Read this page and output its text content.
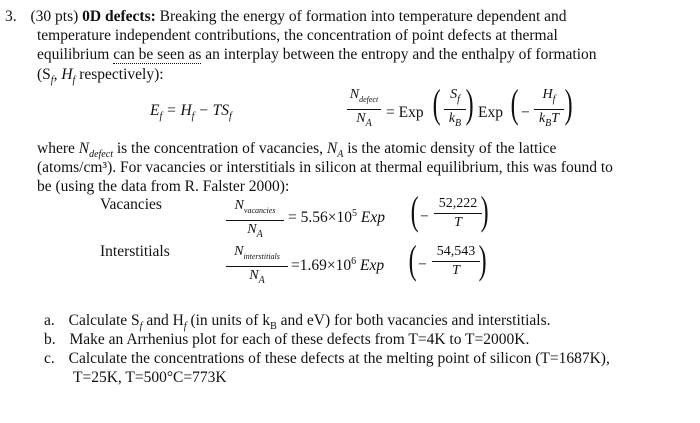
3. (30 pts) 0D defects: Breaking the energy of formation into temperature dependent and
temperature independent contributions, the concentration of point defects at thermal
equilibrium can be seen as an interplay between the entropy and the enthalpy of formation
($S_f$, $H_f$ respectively):
$E_f = H_f - TS_f$
$N_{defect}$
$N_A$
= Exp ( $S_f$
$k_B$ ) Exp ( −
$H_f$
$k_BT$ )
where $N_{defect}$ is the concentration of vacancies, $N_A$ is the atomic density of the lattice
(atoms/cm³). For vacancies or interstitials in silicon at thermal equilibrium, this was found to
be (using the data from R. Falster 2000):
Vacancies	$N_{vacancies}$
$N_A$
= $5.56\times 10^5$ Exp ( −
52,222
T )
Interstitials	$N_{interstitials}$
$N_A$
$=1.69\times 10^6$ Exp ( −
54,543
T )
a. Calculate $S_f$ and $H_f$ (in units of $k_B$ and eV) for both vacancies and interstitials.
b. Make an Arrhenius plot for each of these defects from T=4K to T=2000K.
c. Calculate the concentrations of these defects at the melting point of silicon (T=1687K),
T=25K, T=500°C=773K
